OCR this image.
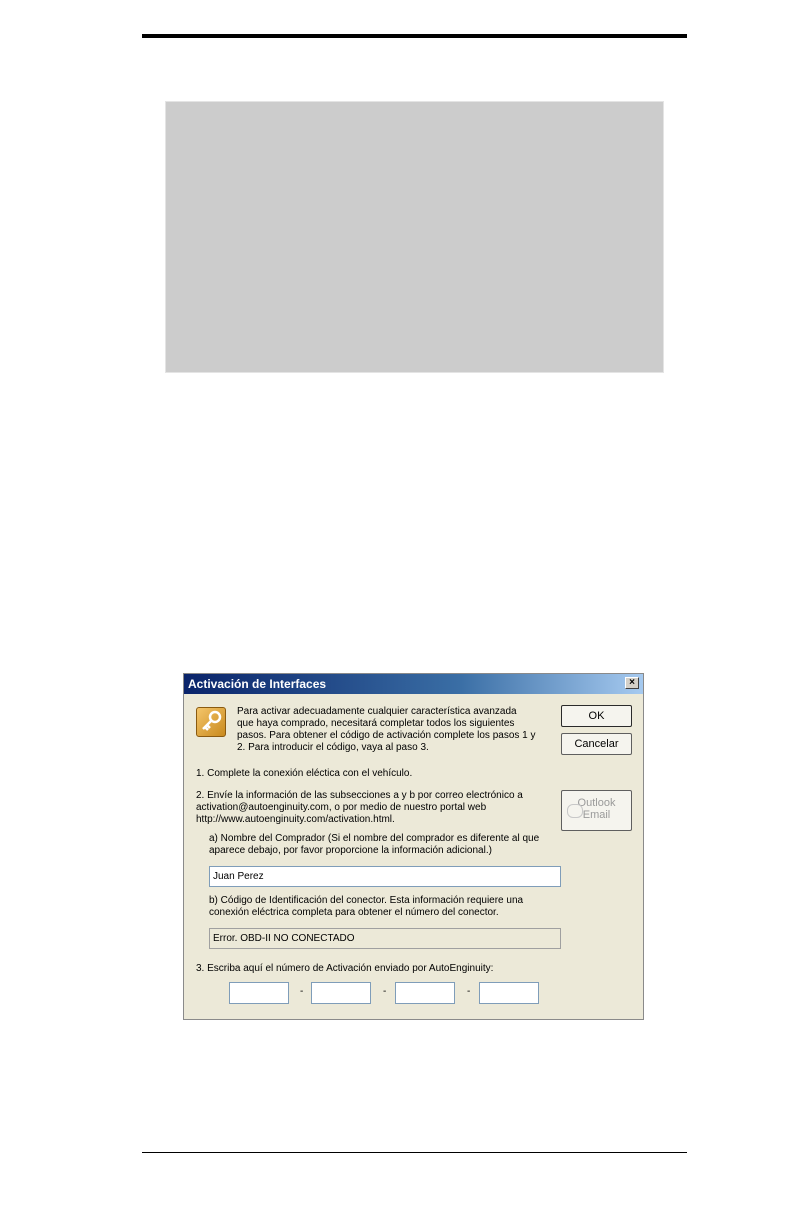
Activación de Interfaces	×
Para activar adecuadamente cualquier característica avanzada
que haya comprado, necesitará completar todos los siguientes
pasos. Para obtener el código de activación complete los pasos 1 y
2. Para introducir el código, vaya al paso 3.
OK
Cancelar
1. Complete la conexión eléctica con el vehículo.
2. Envíe la información de las subsecciones a y b por correo electrónico a
activation@autoenginuity.com, o por medio de nuestro portal web
http://www.autoenginuity.com/activation.html.
Outlook
Email
a) Nombre del Comprador (Si el nombre del comprador es diferente al que
aparece debajo, por favor proporcione la información adicional.)
Juan Perez
b) Código de Identificación del conector. Esta información requiere una
conexión eléctrica completa para obtener el número del conector.
Error. OBD-II NO CONECTADO
3. Escriba aquí el número de Activación enviado por AutoEnginuity:
-	-	-
